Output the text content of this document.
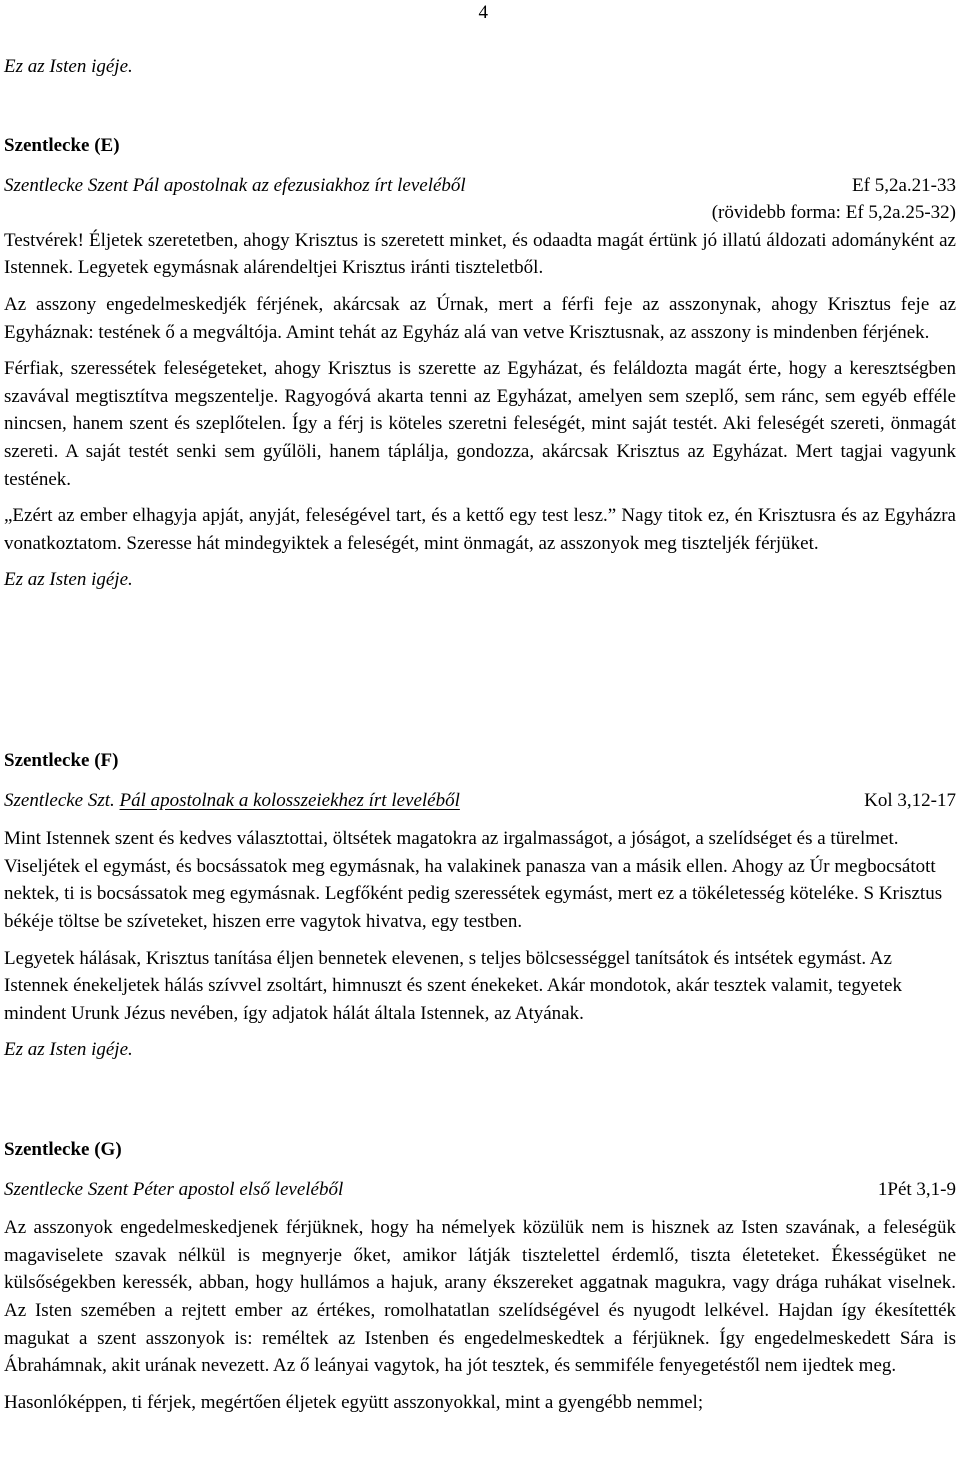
4

Ez az Isten igéje.

Szentlecke (E)

Szentlecke Szent Pál apostolnak az efezusiakhoz írt leveléből	Ef 5,2a.21-33

(rövidebb forma: Ef 5,2a.25-32)

Testvérek! Éljetek szeretetben, ahogy Krisztus is szeretett minket, és odaadta magát értünk jó illatú áldozati adományként az Istennek. Legyetek egymásnak alárendeltjei Krisztus iránti tiszteletből.

Az asszony engedelmeskedjék férjének, akárcsak az Úrnak, mert a férfi feje az asszonynak, ahogy Krisztus feje az Egyháznak: testének ő a megváltója. Amint tehát az Egyház alá van vetve Krisztusnak, az asszony is mindenben férjének.

Férfiak, szeressétek feleségeteket, ahogy Krisztus is szerette az Egyházat, és feláldozta magát érte, hogy a keresztségben szavával megtisztítva megszentelje. Ragyogóvá akarta tenni az Egyházat, amelyen sem szeplő, sem ránc, sem egyéb efféle nincsen, hanem szent és szeplőtelen. Így a férj is köteles szeretni feleségét, mint saját testét. Aki feleségét szereti, önmagát szereti. A saját testét senki sem gyűlöli, hanem táplálja, gondozza, akárcsak Krisztus az Egyházat. Mert tagjai vagyunk testének.

„Ezért az ember elhagyja apját, anyját, feleségével tart, és a kettő egy test lesz.” Nagy titok ez, én Krisztusra és az Egyházra vonatkoztatom. Szeresse hát mindegyiktek a feleségét, mint önmagát, az asszonyok meg tiszteljék férjüket.

Ez az Isten igéje.

Szentlecke (F)

Szentlecke Szt. Pál apostolnak a kolosszeiekhez írt leveléből	Kol 3,12-17

Mint Istennek szent és kedves választottai, öltsétek magatokra az irgalmasságot, a jóságot, a szelídséget és a türelmet. Viseljétek el egymást, és bocsássatok meg egymásnak, ha valakinek panasza van a másik ellen. Ahogy az Úr megbocsátott nektek, ti is bocsássatok meg egymásnak. Legfőként pedig szeressétek egymást, mert ez a tökéletesség köteléke. S Krisztus békéje töltse be szíveteket, hiszen erre vagytok hivatva, egy testben.

Legyetek hálásak, Krisztus tanítása éljen bennetek elevenen, s teljes bölcsességgel tanítsátok és intsétek egymást. Az Istennek énekeljetek hálás szívvel zsoltárt, himnuszt és szent énekeket. Akár mondotok, akár tesztek valamit, tegyetek mindent Urunk Jézus nevében, így adjatok hálát általa Istennek, az Atyának.

Ez az Isten igéje.

Szentlecke (G)

Szentlecke Szent Péter apostol első leveléből	1Pét 3,1-9

Az asszonyok engedelmeskedjenek férjüknek, hogy ha némelyek közülük nem is hisznek az Isten szavának, a feleségük magaviselete szavak nélkül is megnyerje őket, amikor látják tisztelettel érdemlő, tiszta életeteket. Ékességüket ne külsőségekben keressék, abban, hogy hullámos a hajuk, arany ékszereket aggatnak magukra, vagy drága ruhákat viselnek. Az Isten szemében a rejtett ember az értékes, romolhatatlan szelídségével és nyugodt lelkével. Hajdan így ékesítették magukat a szent asszonyok is: reméltek az Istenben és engedelmeskedtek a férjüknek. Így engedelmeskedett Sára is Ábrahámnak, akit urának nevezett. Az ő leányai vagytok, ha jót tesztek, és semmiféle fenyegetéstől nem ijedtek meg.

Hasonlóképpen, ti férjek, megértően éljetek együtt asszonyokkal, mint a gyengébb nemmel;
